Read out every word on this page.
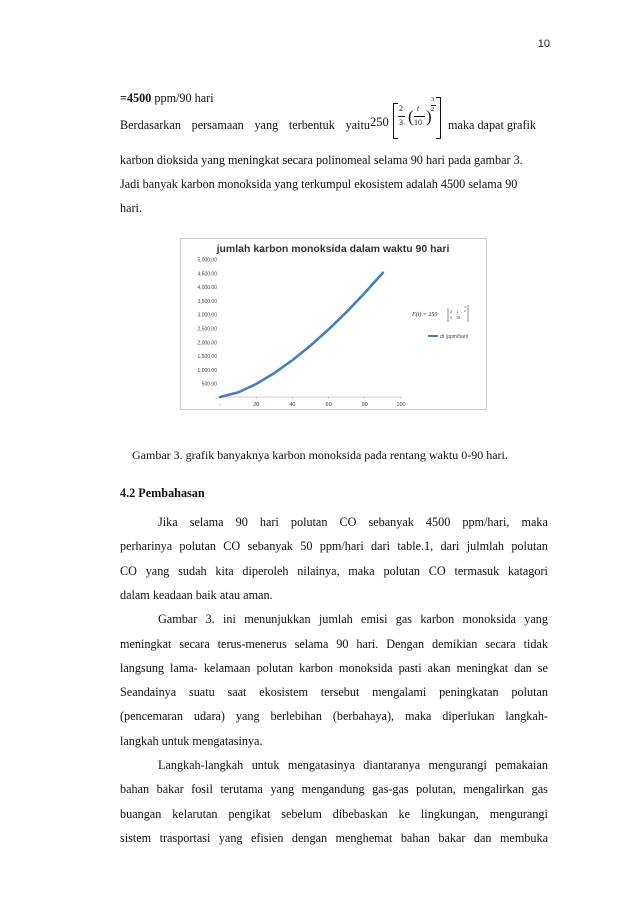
10
=4500 ppm/90 hari
Berdasarkan persamaan yang terbentuk yaitu 250
2
3 ( t
10 )
3
2
maka dapat grafik
karbon dioksida yang meningkat secara polinomeal selama 90 hari pada gambar 3.
Jadi banyak karbon monoksida yang terkumpul ekosistem adalah 4500 selama 90
hari.
jumlah karbon monoksida dalam waktu 90 hari
-
500.00
1,000.00
1,500.00
2,000.00
2,500.00
3,000.00
3,500.00
4,000.00
4,500.00
5,000.00
-	20	40	60	80	100
dt (ppm/hari)
F(t) = 250
2
3
t
10
3
2
Gambar 3. grafik banyaknya karbon monoksida pada rentang waktu 0-90 hari.
4.2 Pembahasan
Jika selama 90 hari polutan CO sebanyak 4500 ppm/hari, maka
perharinya polutan CO sebanyak 50 ppm/hari dari table.1, dari julmlah polutan
CO yang sudah kita diperoleh nilainya, maka polutan CO termasuk katagori
dalam keadaan baik atau aman.
Gambar 3. ini menunjukkan jumlah emisi gas karbon monoksida yang
meningkat secara terus-menerus selama 90 hari. Dengan demikian secara tidak
langsung lama- kelamaan polutan karbon monoksida pasti akan meningkat dan se
Seandainya suatu saat ekosistem tersebut mengalami peningkatan polutan
(pencemaran udara) yang berlebihan (berbahaya), maka diperlukan langkah-
langkah untuk mengatasinya.
Langkah-langkah untuk mengatasinya diantaranya mengurangi pemakaian
bahan bakar fosil terutama yang mengandung gas-gas polutan, mengalirkan gas
buangan kelarutan pengikat sebelum dibebaskan ke lingkungan, mengurangi
sistem trasportasi yang efisien dengan menghemat bahan bakar dan membuka
